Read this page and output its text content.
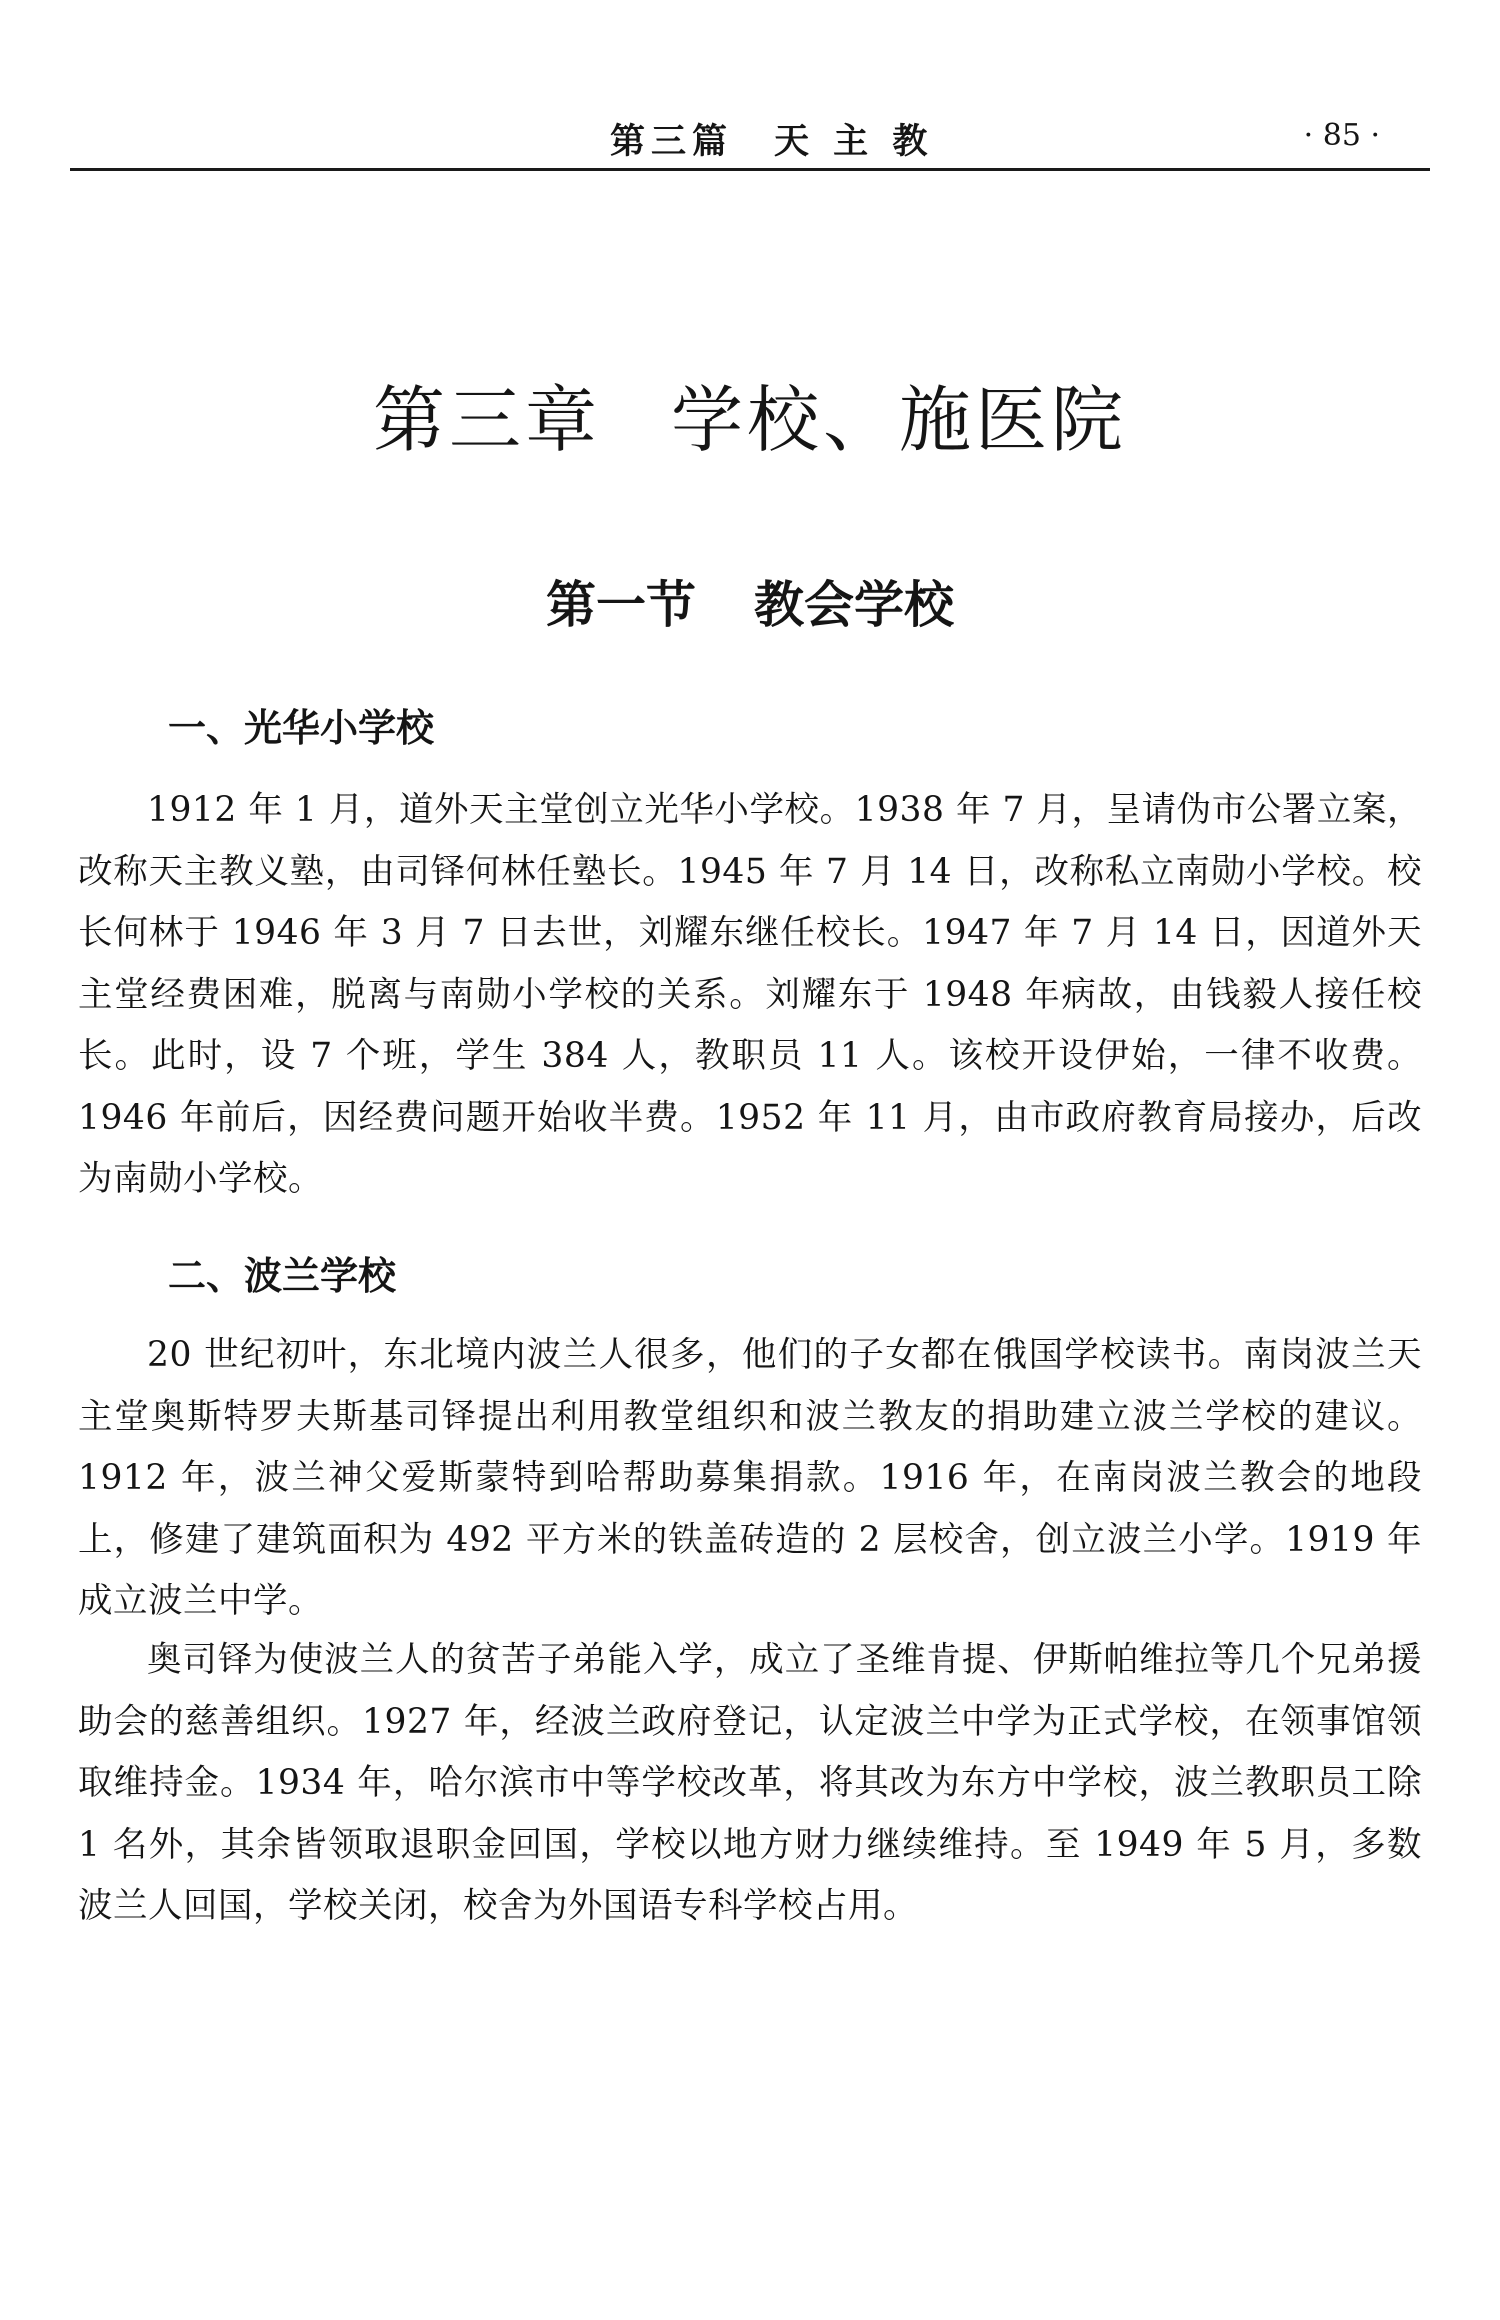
第三篇　天 主 教	· 85 ·
第三章 学校、施医院
第一节 教会学校
一、光华小学校

1912 年 1 月，道外天主堂创立光华小学校。1938 年 7 月，呈请伪市公署立案，改称天主教义塾，由司铎何林任塾长。1945 年 7 月 14 日，改称私立南勋小学校。校长何林于 1946 年 3 月 7 日去世，刘耀东继任校长。1947 年 7 月 14 日，因道外天主堂经费困难，脱离与南勋小学校的关系。刘耀东于 1948 年病故，由钱毅人接任校长。此时，设 7 个班，学生 384 人，教职员 11 人。该校开设伊始，一律不收费。1946 年前后，因经费问题开始收半费。1952 年 11 月，由市政府教育局接办，后改为南勋小学校。

二、波兰学校

20 世纪初叶，东北境内波兰人很多，他们的子女都在俄国学校读书。南岗波兰天主堂奥斯特罗夫斯基司铎提出利用教堂组织和波兰教友的捐助建立波兰学校的建议。1912 年，波兰神父爱斯蒙特到哈帮助募集捐款。1916 年，在南岗波兰教会的地段上，修建了建筑面积为 492 平方米的铁盖砖造的 2 层校舍，创立波兰小学。1919 年成立波兰中学。

奥司铎为使波兰人的贫苦子弟能入学，成立了圣维肯提、伊斯帕维拉等几个兄弟援助会的慈善组织。1927 年，经波兰政府登记，认定波兰中学为正式学校，在领事馆领取维持金。1934 年，哈尔滨市中等学校改革，将其改为东方中学校，波兰教职员工除 1 名外，其余皆领取退职金回国，学校以地方财力继续维持。至 1949 年 5 月，多数波兰人回国，学校关闭，校舍为外国语专科学校占用。
